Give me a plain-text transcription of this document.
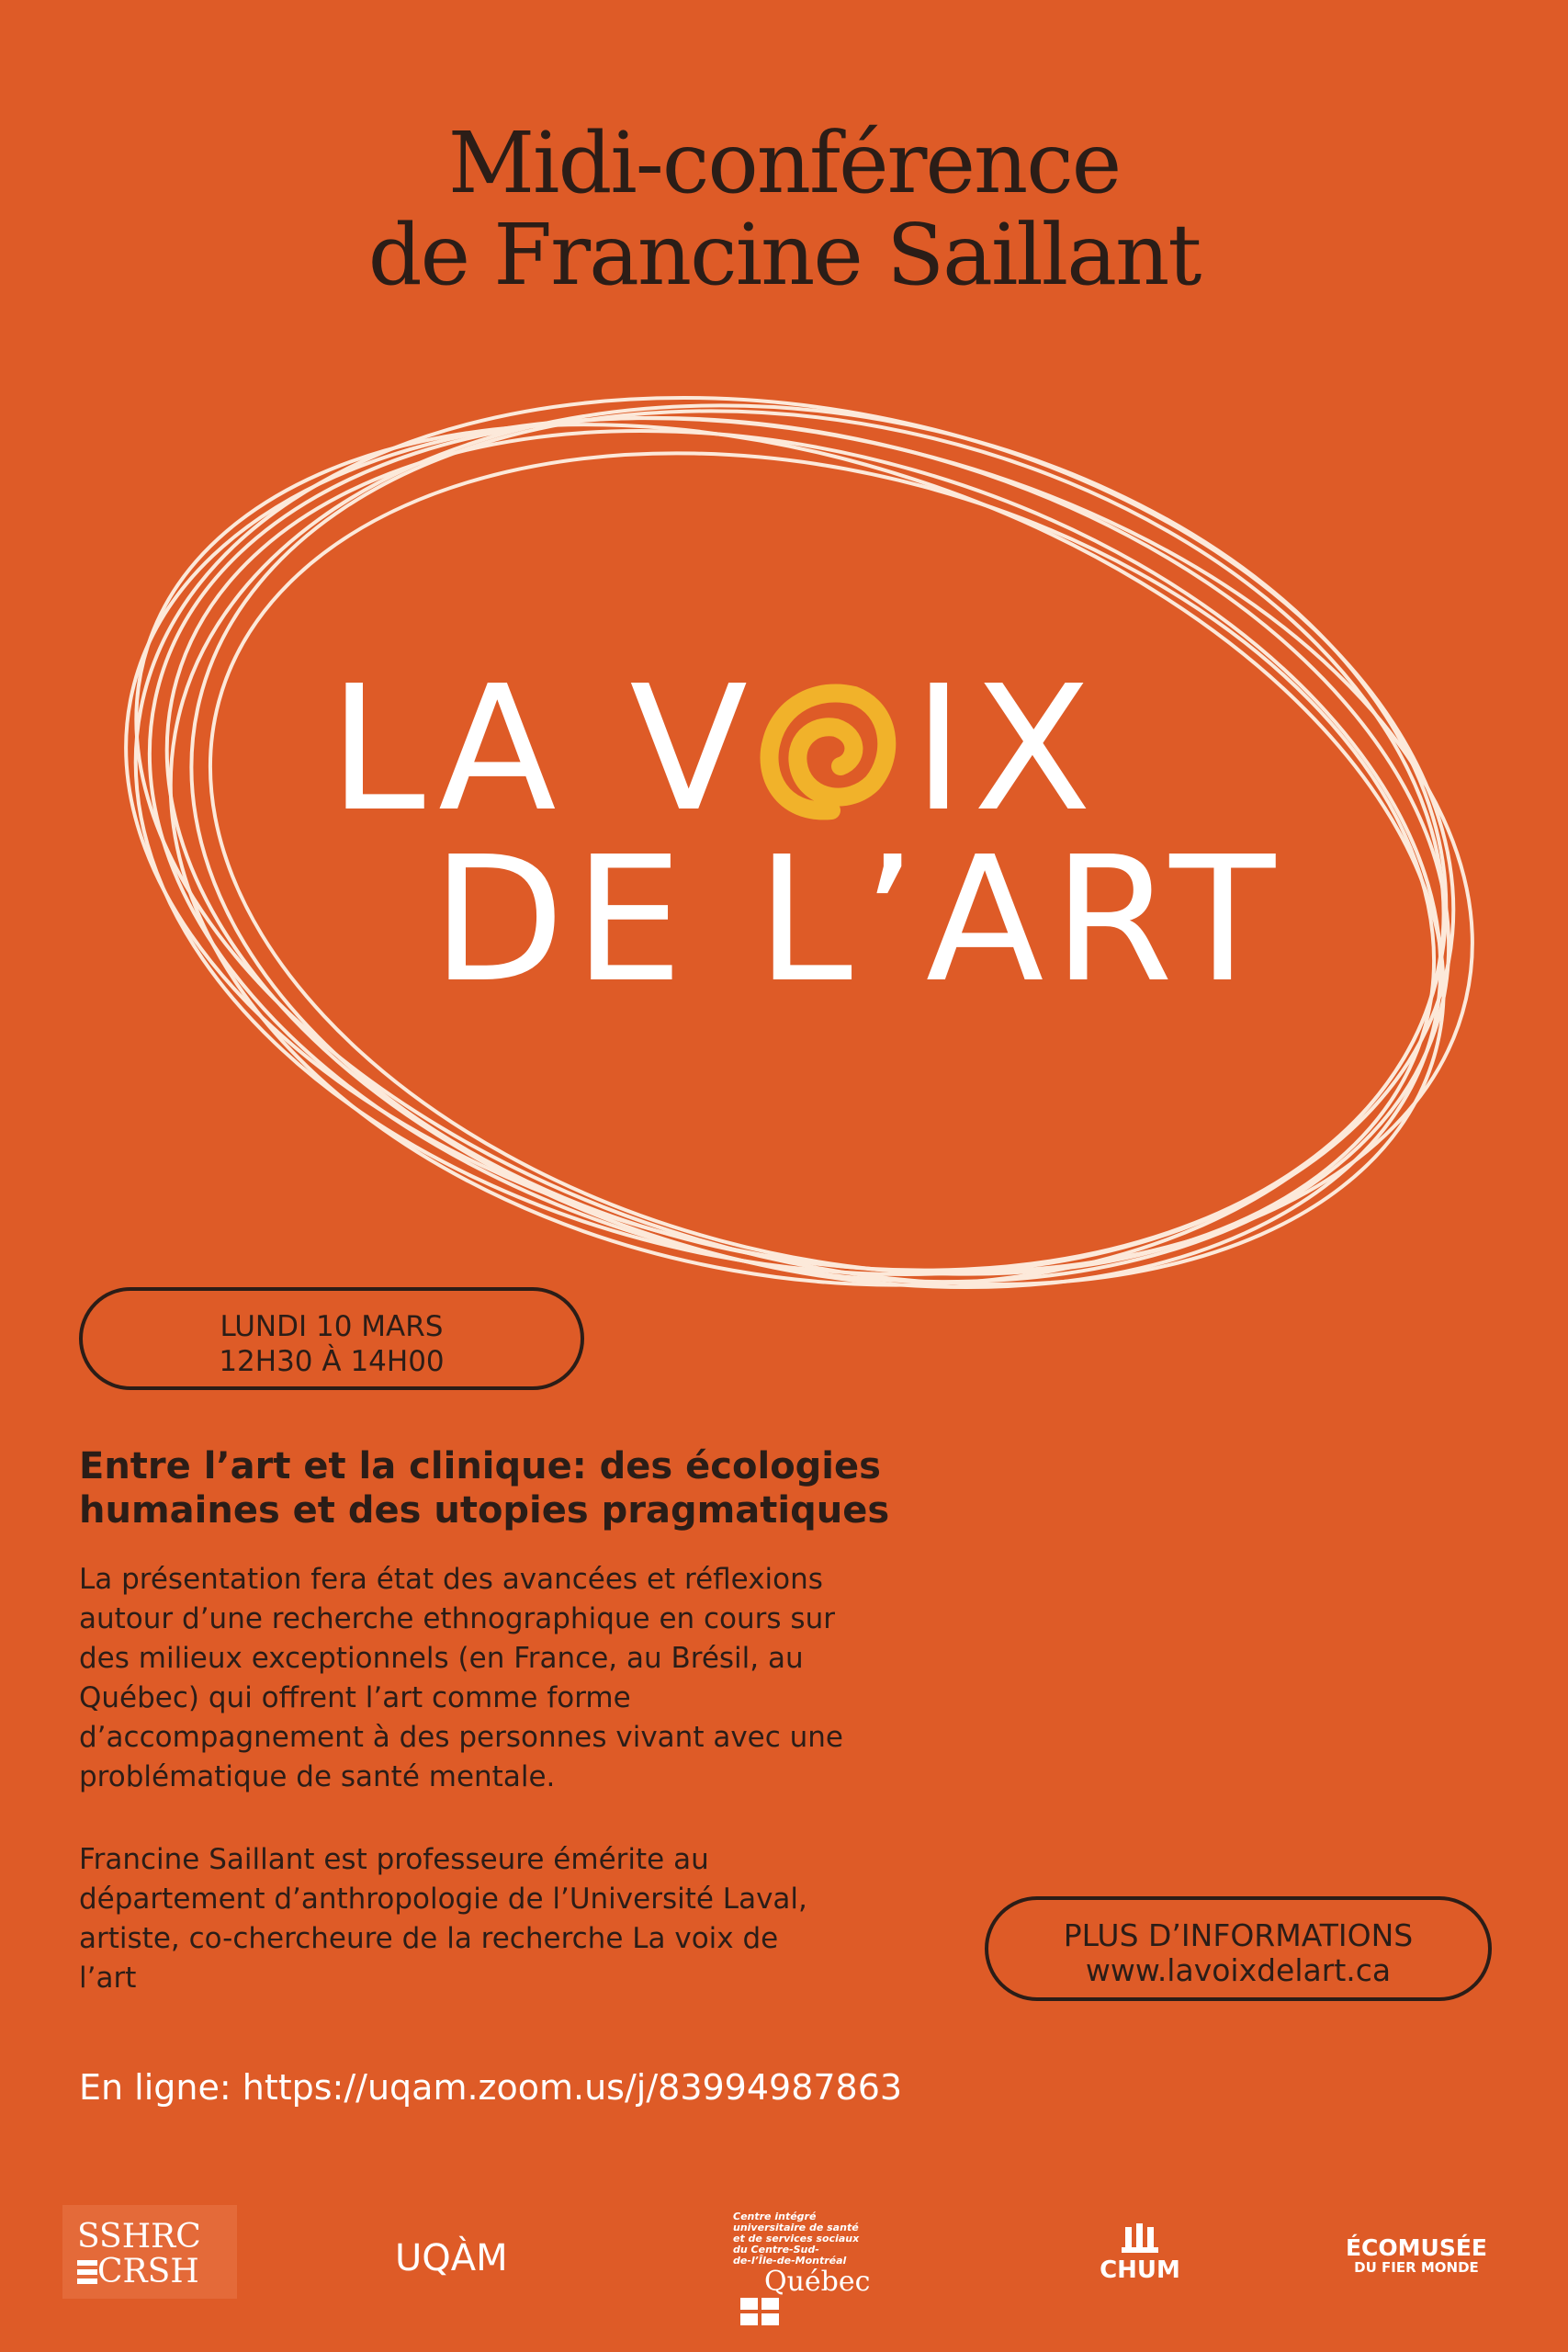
Midi-conférence
de Francine Saillant
LA V IX
DE L’ART
LUNDI 10 MARS
12H30 À 14H00
Entre l’art et la clinique: des écologies
humaines et des utopies pragmatiques
La présentation fera état des avancées et réflexions
autour d’une recherche ethnographique en cours sur
des milieux exceptionnels (en France, au Brésil, au
Québec) qui offrent l’art comme forme
d’accompagnement à des personnes vivant avec une
problématique de santé mentale.
Francine Saillant est professeure émérite au
département d’anthropologie de l’Université Laval,
artiste, co-chercheure de la recherche La voix de
l’art
PLUS D’INFORMATIONS
www.lavoixdelart.ca
En ligne: https://uqam.zoom.us/j/83994987863
SSHRC
CRSH	UQÀM
Centre intégré
universitaire de santé
et de services sociaux
du Centre-Sud-
de-l’Île-de-Montréal
Québec	CHUM
ÉCOMUSÉE
DU FIER MONDE
